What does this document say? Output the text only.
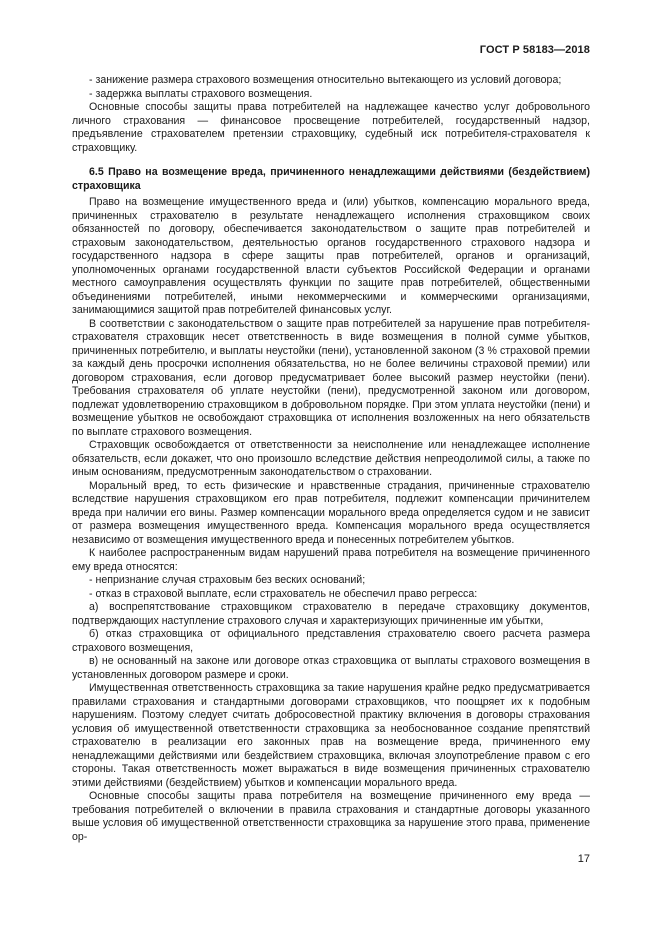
ГОСТ Р 58183—2018

- занижение размера страхового возмещения относительно вытекающего из условий договора;

- задержка выплаты страхового возмещения.

Основные способы защиты права потребителей на надлежащее качество услуг добровольного личного страхования — финансовое просвещение потребителей, государственный надзор, предъявление страхователем претензии страховщику, судебный иск потребителя-страхователя к страховщику.

6.5 Право на возмещение вреда, причиненного ненадлежащими действиями (бездействием) страховщика

Право на возмещение имущественного вреда и (или) убытков, компенсацию морального вреда, причиненных страхователю в результате ненадлежащего исполнения страховщиком своих обязанностей по договору, обеспечивается законодательством о защите прав потребителей и страховым законодательством, деятельностью органов государственного страхового надзора и государственного надзора в сфере защиты прав потребителей, органов и организаций, уполномоченных органами государственной власти субъектов Российской Федерации и органами местного самоуправления осуществлять функции по защите прав потребителей, общественными объединениями потребителей, иными некоммерческими и коммерческими организациями, занимающимися защитой прав потребителей финансовых услуг.

В соответствии с законодательством о защите прав потребителей за нарушение прав потребителя-страхователя страховщик несет ответственность в виде возмещения в полной сумме убытков, причиненных потребителю, и выплаты неустойки (пени), установленной законом (3 % страховой премии за каждый день просрочки исполнения обязательства, но не более величины страховой премии) или договором страхования, если договор предусматривает более высокий размер неустойки (пени). Требования страхователя об уплате неустойки (пени), предусмотренной законом или договором, подлежат удовлетворению страховщиком в добровольном порядке. При этом уплата неустойки (пени) и возмещение убытков не освобождают страховщика от исполнения возложенных на него обязательств по выплате страхового возмещения.

Страховщик освобождается от ответственности за неисполнение или ненадлежащее исполнение обязательств, если докажет, что оно произошло вследствие действия непреодолимой силы, а также по иным основаниям, предусмотренным законодательством о страховании.

Моральный вред, то есть физические и нравственные страдания, причиненные страхователю вследствие нарушения страховщиком его прав потребителя, подлежит компенсации причинителем вреда при наличии его вины. Размер компенсации морального вреда определяется судом и не зависит от размера возмещения имущественного вреда. Компенсация морального вреда осуществляется независимо от возмещения имущественного вреда и понесенных потребителем убытков.

К наиболее распространенным видам нарушений права потребителя на возмещение причиненного ему вреда относятся:

- непризнание случая страховым без веских оснований;

- отказ в страховой выплате, если страхователь не обеспечил право регресса:

а) воспрепятствование страховщиком страхователю в передаче страховщику документов, подтверждающих наступление страхового случая и характеризующих причиненные им убытки,

б) отказ страховщика от официального представления страхователю своего расчета размера страхового возмещения,

в) не основанный на законе или договоре отказ страховщика от выплаты страхового возмещения в установленных договором размере и сроки.

Имущественная ответственность страховщика за такие нарушения крайне редко предусматривается правилами страхования и стандартными договорами страховщиков, что поощряет их к подобным нарушениям. Поэтому следует считать добросовестной практику включения в договоры страхования условия об имущественной ответственности страховщика за необоснованное создание препятствий страхователю в реализации его законных прав на возмещение вреда, причиненного ему ненадлежащими действиями или бездействием страховщика, включая злоупотребление правом с его стороны. Такая ответственность может выражаться в виде возмещения причиненных страхователю этими действиями (бездействием) убытков и компенсации морального вреда.

Основные способы защиты права потребителя на возмещение причиненного ему вреда — требования потребителей о включении в правила страхования и стандартные договоры указанного выше условия об имущественной ответственности страховщика за нарушение этого права, применение ор-

17
